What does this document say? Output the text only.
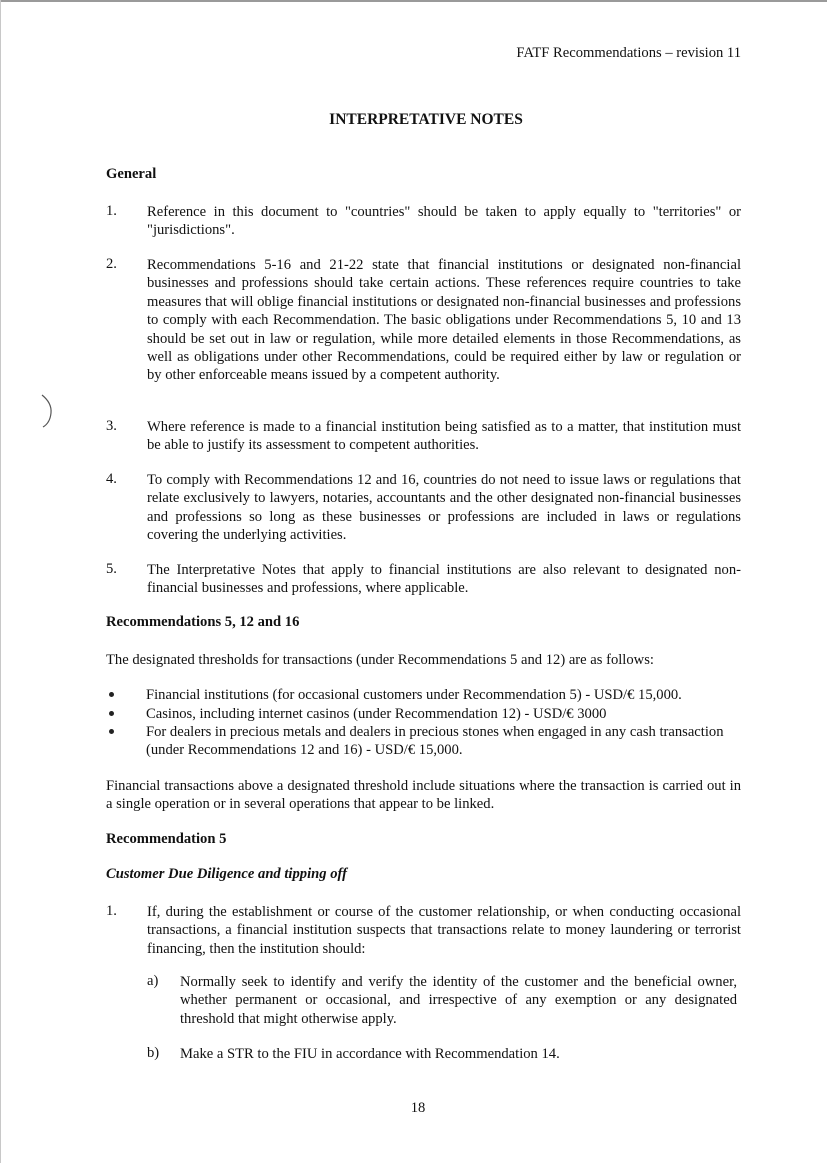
FATF Recommendations – revision 11
INTERPRETATIVE NOTES
General
1.	Reference in this document to "countries" should be taken to apply equally to "territories" or "jurisdictions".
2.	Recommendations 5-16 and 21-22 state that financial institutions or designated non-financial businesses and professions should take certain actions. These references require countries to take measures that will oblige financial institutions or designated non-financial businesses and professions to comply with each Recommendation. The basic obligations under Recommendations 5, 10 and 13 should be set out in law or regulation, while more detailed elements in those Recommendations, as well as obligations under other Recommendations, could be required either by law or regulation or by other enforceable means issued by a competent authority.
3.	Where reference is made to a financial institution being satisfied as to a matter, that institution must be able to justify its assessment to competent authorities.
4.	To comply with Recommendations 12 and 16, countries do not need to issue laws or regulations that relate exclusively to lawyers, notaries, accountants and the other designated non-financial businesses and professions so long as these businesses or professions are included in laws or regulations covering the underlying activities.
5.	The Interpretative Notes that apply to financial institutions are also relevant to designated non-financial businesses and professions, where applicable.
Recommendations 5, 12 and 16
The designated thresholds for transactions (under Recommendations 5 and 12) are as follows:
Financial institutions (for occasional customers under Recommendation 5) - USD/€ 15,000.
Casinos, including internet casinos (under Recommendation 12) - USD/€ 3000
For dealers in precious metals and dealers in precious stones when engaged in any cash transaction (under Recommendations 12 and 16) - USD/€ 15,000.
Financial transactions above a designated threshold include situations where the transaction is carried out in a single operation or in several operations that appear to be linked.
Recommendation 5
Customer Due Diligence and tipping off
1.	If, during the establishment or course of the customer relationship, or when conducting occasional transactions, a financial institution suspects that transactions relate to money laundering or terrorist financing, then the institution should:
a) Normally seek to identify and verify the identity of the customer and the beneficial owner, whether permanent or occasional, and irrespective of any exemption or any designated threshold that might otherwise apply.
b) Make a STR to the FIU in accordance with Recommendation 14.
18
